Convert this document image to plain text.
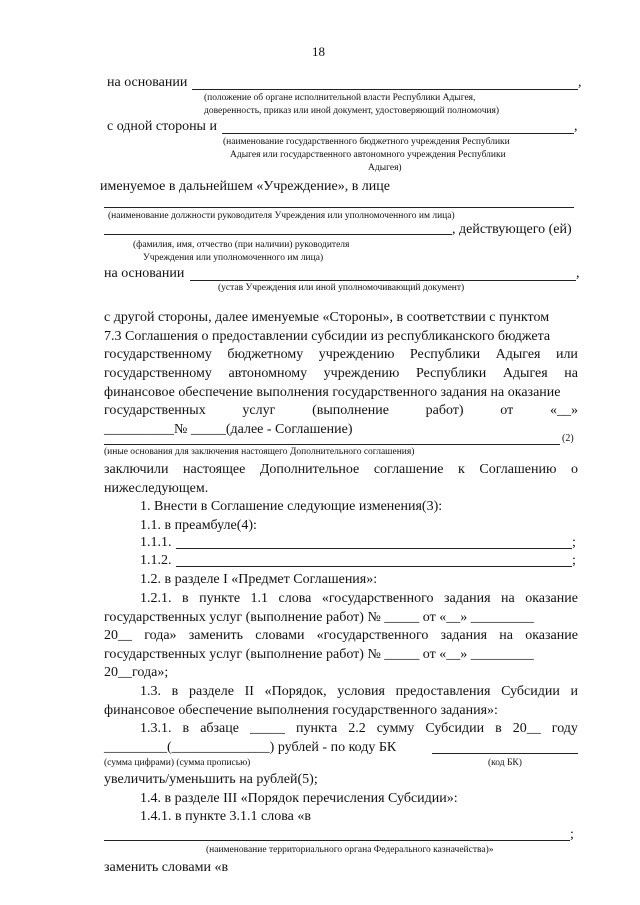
18
на основании	,
(положение об органе исполнительной власти Республики Адыгея,
доверенность, приказ или иной документ, удостоверяющий полномочия)
с одной стороны и	,
(наименование государственного бюджетного учреждения Республики
Адыгея или государственного автономного учреждения Республики
Адыгея)
именуемое в дальнейшем «Учреждение», в лице
(наименование должности руководителя Учреждения или уполномоченного им лица)
, действующего (ей)
(фамилия, имя, отчество (при наличии) руководителя
Учреждения или уполномоченного им лица)
на основании	,
(устав Учреждения или иной уполномочивающий документ)
с другой стороны, далее именуемые «Стороны», в соответствии с пунктом
7.3 Соглашения о предоставлении субсидии из республиканского бюджета
государственному бюджетному учреждению Республики Адыгея или
государственному автономному учреждению Республики Адыгея на
финансовое обеспечение выполнения государственного задания на оказание
государственных	услуг	(выполнение	работ)	от	«__»
__________№ _____(далее - Соглашение)
(2)
(иные основания для заключения настоящего Дополнительного соглашения)
заключили настоящее Дополнительное соглашение к Соглашению о
нижеследующем.
1. Внести в Соглашение следующие изменения(3):
1.1. в преамбуле(4):
1.1.1.	;
1.1.2.	;
1.2. в разделе I «Предмет Соглашения»:
1.2.1. в пункте 1.1 слова «государственного задания на оказание
государственных услуг (выполнение работ) № _____ от «__» _________
20__ года» заменить словами «государственного задания на оказание
государственных услуг (выполнение работ) № _____ от «__» _________
20__года»;
1.3. в разделе II «Порядок, условия предоставления Субсидии и
финансовое обеспечение выполнения государственного задания»:
1.3.1. в абзаце _____ пункта 2.2 сумму Субсидии в 20__ году
_________(______________) рублей - по коду БК
(сумма цифрами) (сумма прописью)	(код БК)
увеличить/уменьшить на рублей(5);
1.4. в разделе III «Порядок перечисления Субсидии»:
1.4.1. в пункте 3.1.1 слова «в
;
(наименование территориального органа Федерального казначейства)»
заменить словами «в
